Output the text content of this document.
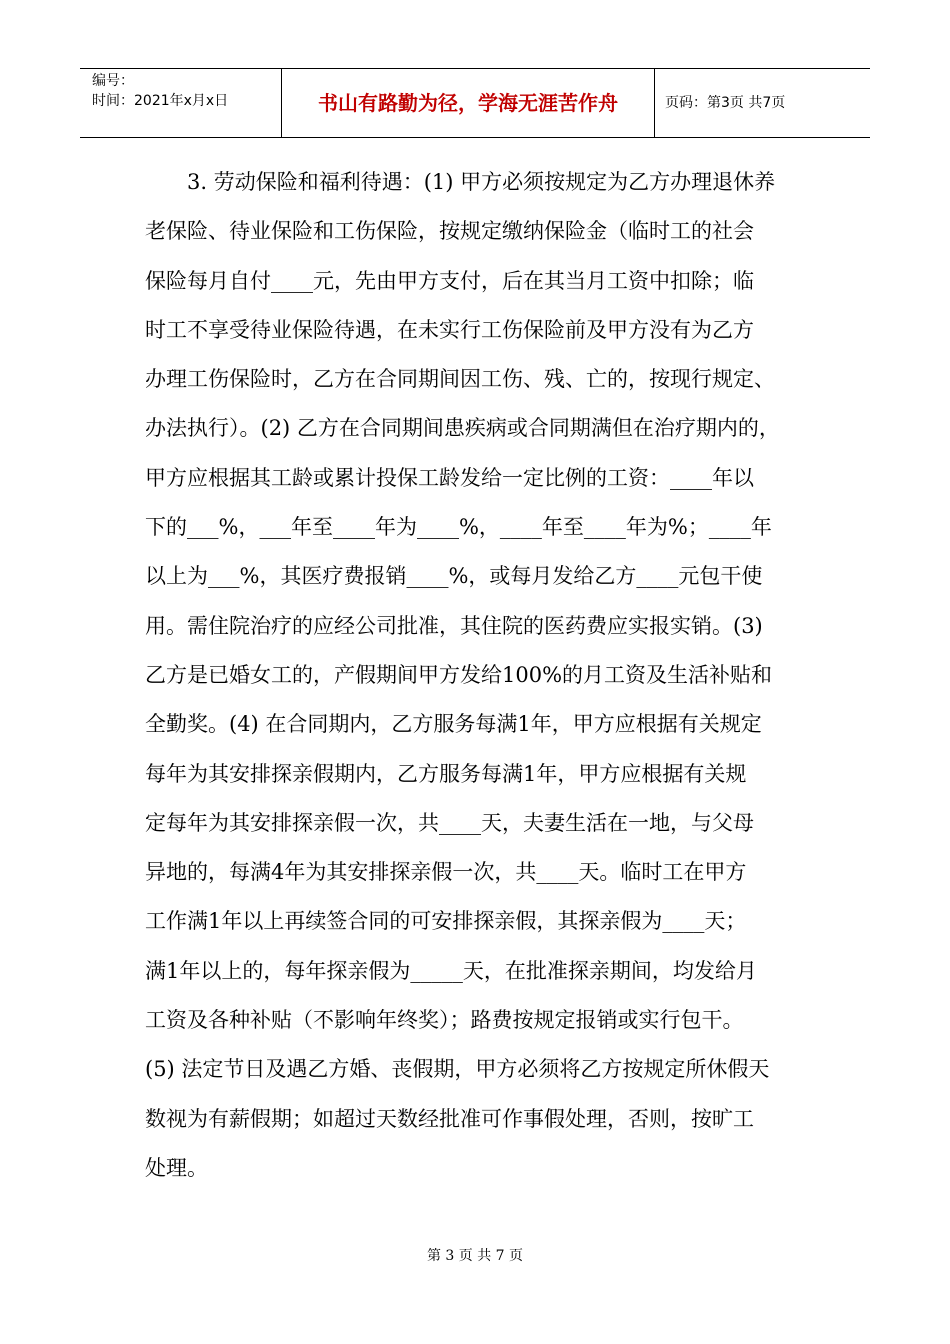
编号：
时间：2021年x月x日	书山有路勤为径，学海无涯苦作舟	页码：第3页 共7页
　　3. 劳动保险和福利待遇：(1) 甲方必须按规定为乙方办理退休养
老保险、待业保险和工伤保险，按规定缴纳保险金（临时工的社会
保险每月自付____元，先由甲方支付，后在其当月工资中扣除；临
时工不享受待业保险待遇，在未实行工伤保险前及甲方没有为乙方
办理工伤保险时，乙方在合同期间因工伤、残、亡的，按现行规定、
办法执行）。(2) 乙方在合同期间患疾病或合同期满但在治疗期内的，
甲方应根据其工龄或累计投保工龄发给一定比例的工资：____年以
下的___%，___年至____年为____%，____年至____年为%；____年
以上为___%，其医疗费报销____%，或每月发给乙方____元包干使
用。需住院治疗的应经公司批准，其住院的医药费应实报实销。(3)
乙方是已婚女工的，产假期间甲方发给100%的月工资及生活补贴和
全勤奖。(4) 在合同期内，乙方服务每满1年，甲方应根据有关规定
每年为其安排探亲假期内，乙方服务每满1年，甲方应根据有关规
定每年为其安排探亲假一次，共____天，夫妻生活在一地，与父母
异地的，每满4年为其安排探亲假一次，共____天。临时工在甲方
工作满1年以上再续签合同的可安排探亲假，其探亲假为____天；
满1年以上的，每年探亲假为_____天，在批准探亲期间，均发给月
工资及各种补贴（不影响年终奖）；路费按规定报销或实行包干。
(5) 法定节日及遇乙方婚、丧假期，甲方必须将乙方按规定所休假天
数视为有薪假期；如超过天数经批准可作事假处理，否则，按旷工
处理。
第 3 页 共 7 页
